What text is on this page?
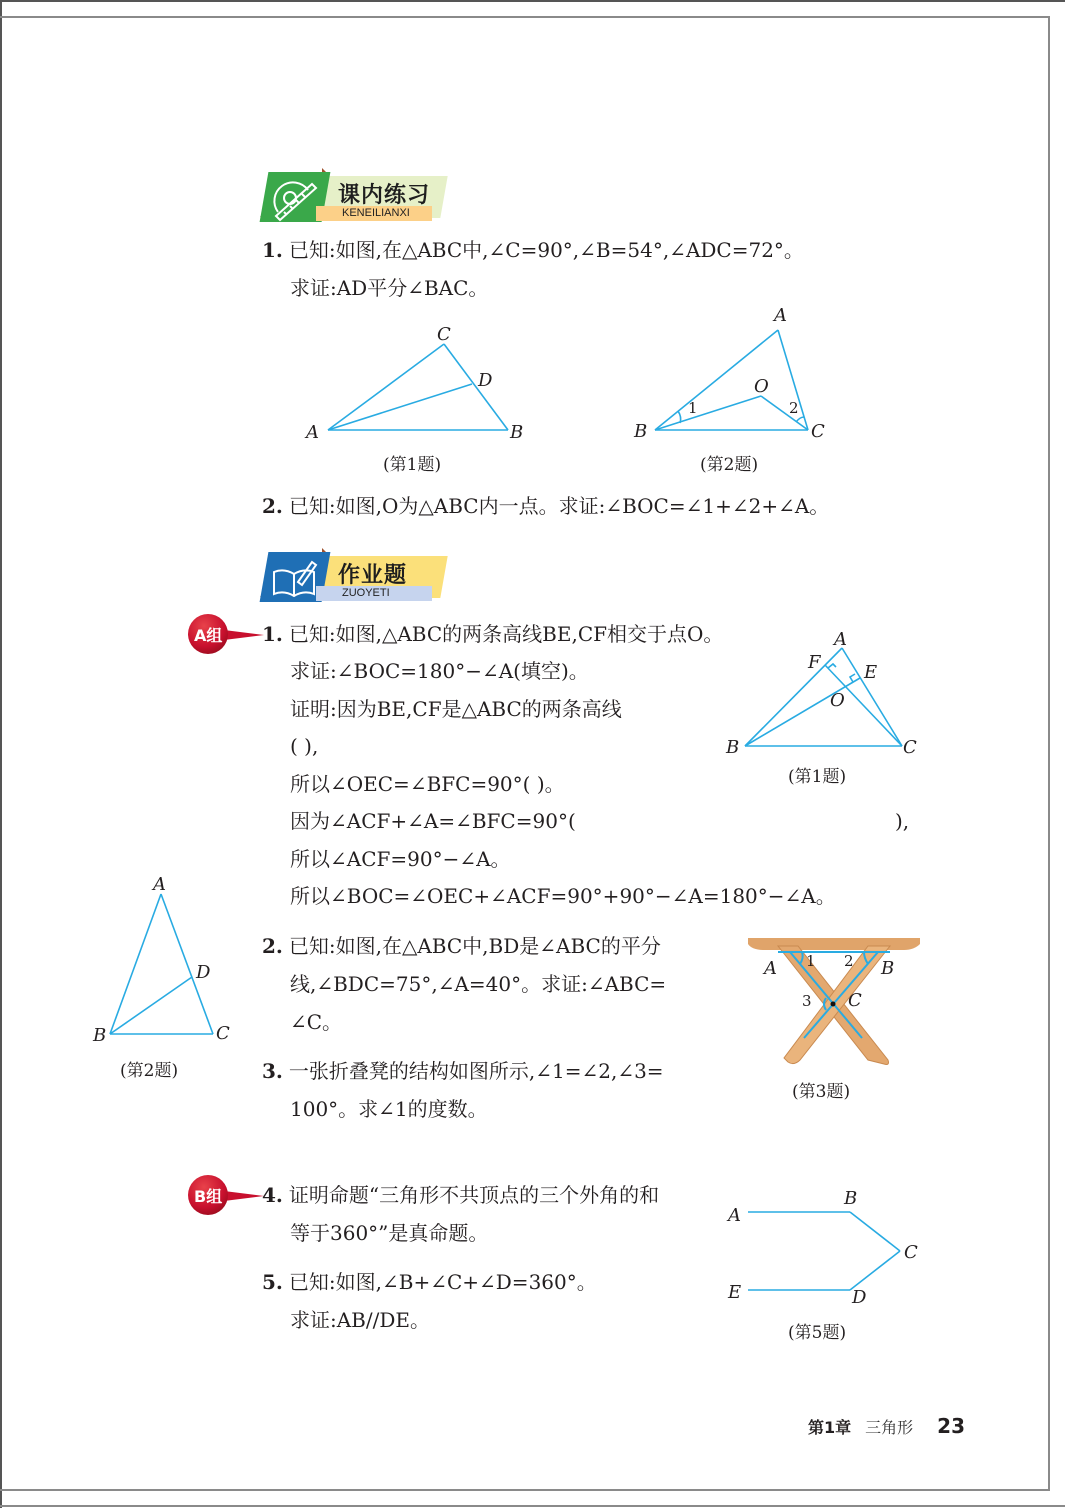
KENEILIANXI
课内练习
1. 已知:如图,在△ABC中,∠C=90°,∠B=54°,∠ADC=72°。
求证:AD平分∠BAC。
A	B
C
D
(第1题)
A
B	C
O
1	2
(第2题)
2. 已知:如图,O为△ABC内一点。求证:∠BOC=∠1+∠2+∠A。
ZUOYETI
作业题
A组 1. 已知:如图,△ABC的两条高线BE,CF相交于点O。
求证:∠BOC=180°−∠A(填空)。
证明:因为BE,CF是△ABC的两条高线
( ),
所以∠OEC=∠BFC=90°( )。
因为∠ACF+∠A=∠BFC=90°(	),
所以∠ACF=90°−∠A。
所以∠BOC=∠OEC+∠ACF=90°+90°−∠A=180°−∠A。
A
B	C
E
F
O
(第1题)
A
B	C
D
(第2题)
2. 已知:如图,在△ABC中,BD是∠ABC的平分
线,∠BDC=75°,∠A=40°。求证:∠ABC=
∠C。
3. 一张折叠凳的结构如图所示,∠1=∠2,∠3=
100°。求∠1的度数。
A	B
C
1 2
3
(第3题)
B组 4. 证明命题“三角形不共顶点的三个外角的和
等于360°”是真命题。
5. 已知:如图,∠B+∠C+∠D=360°。
求证:AB//DE。
A
B
C
D
E
(第5题)
第1章 三角形 23
